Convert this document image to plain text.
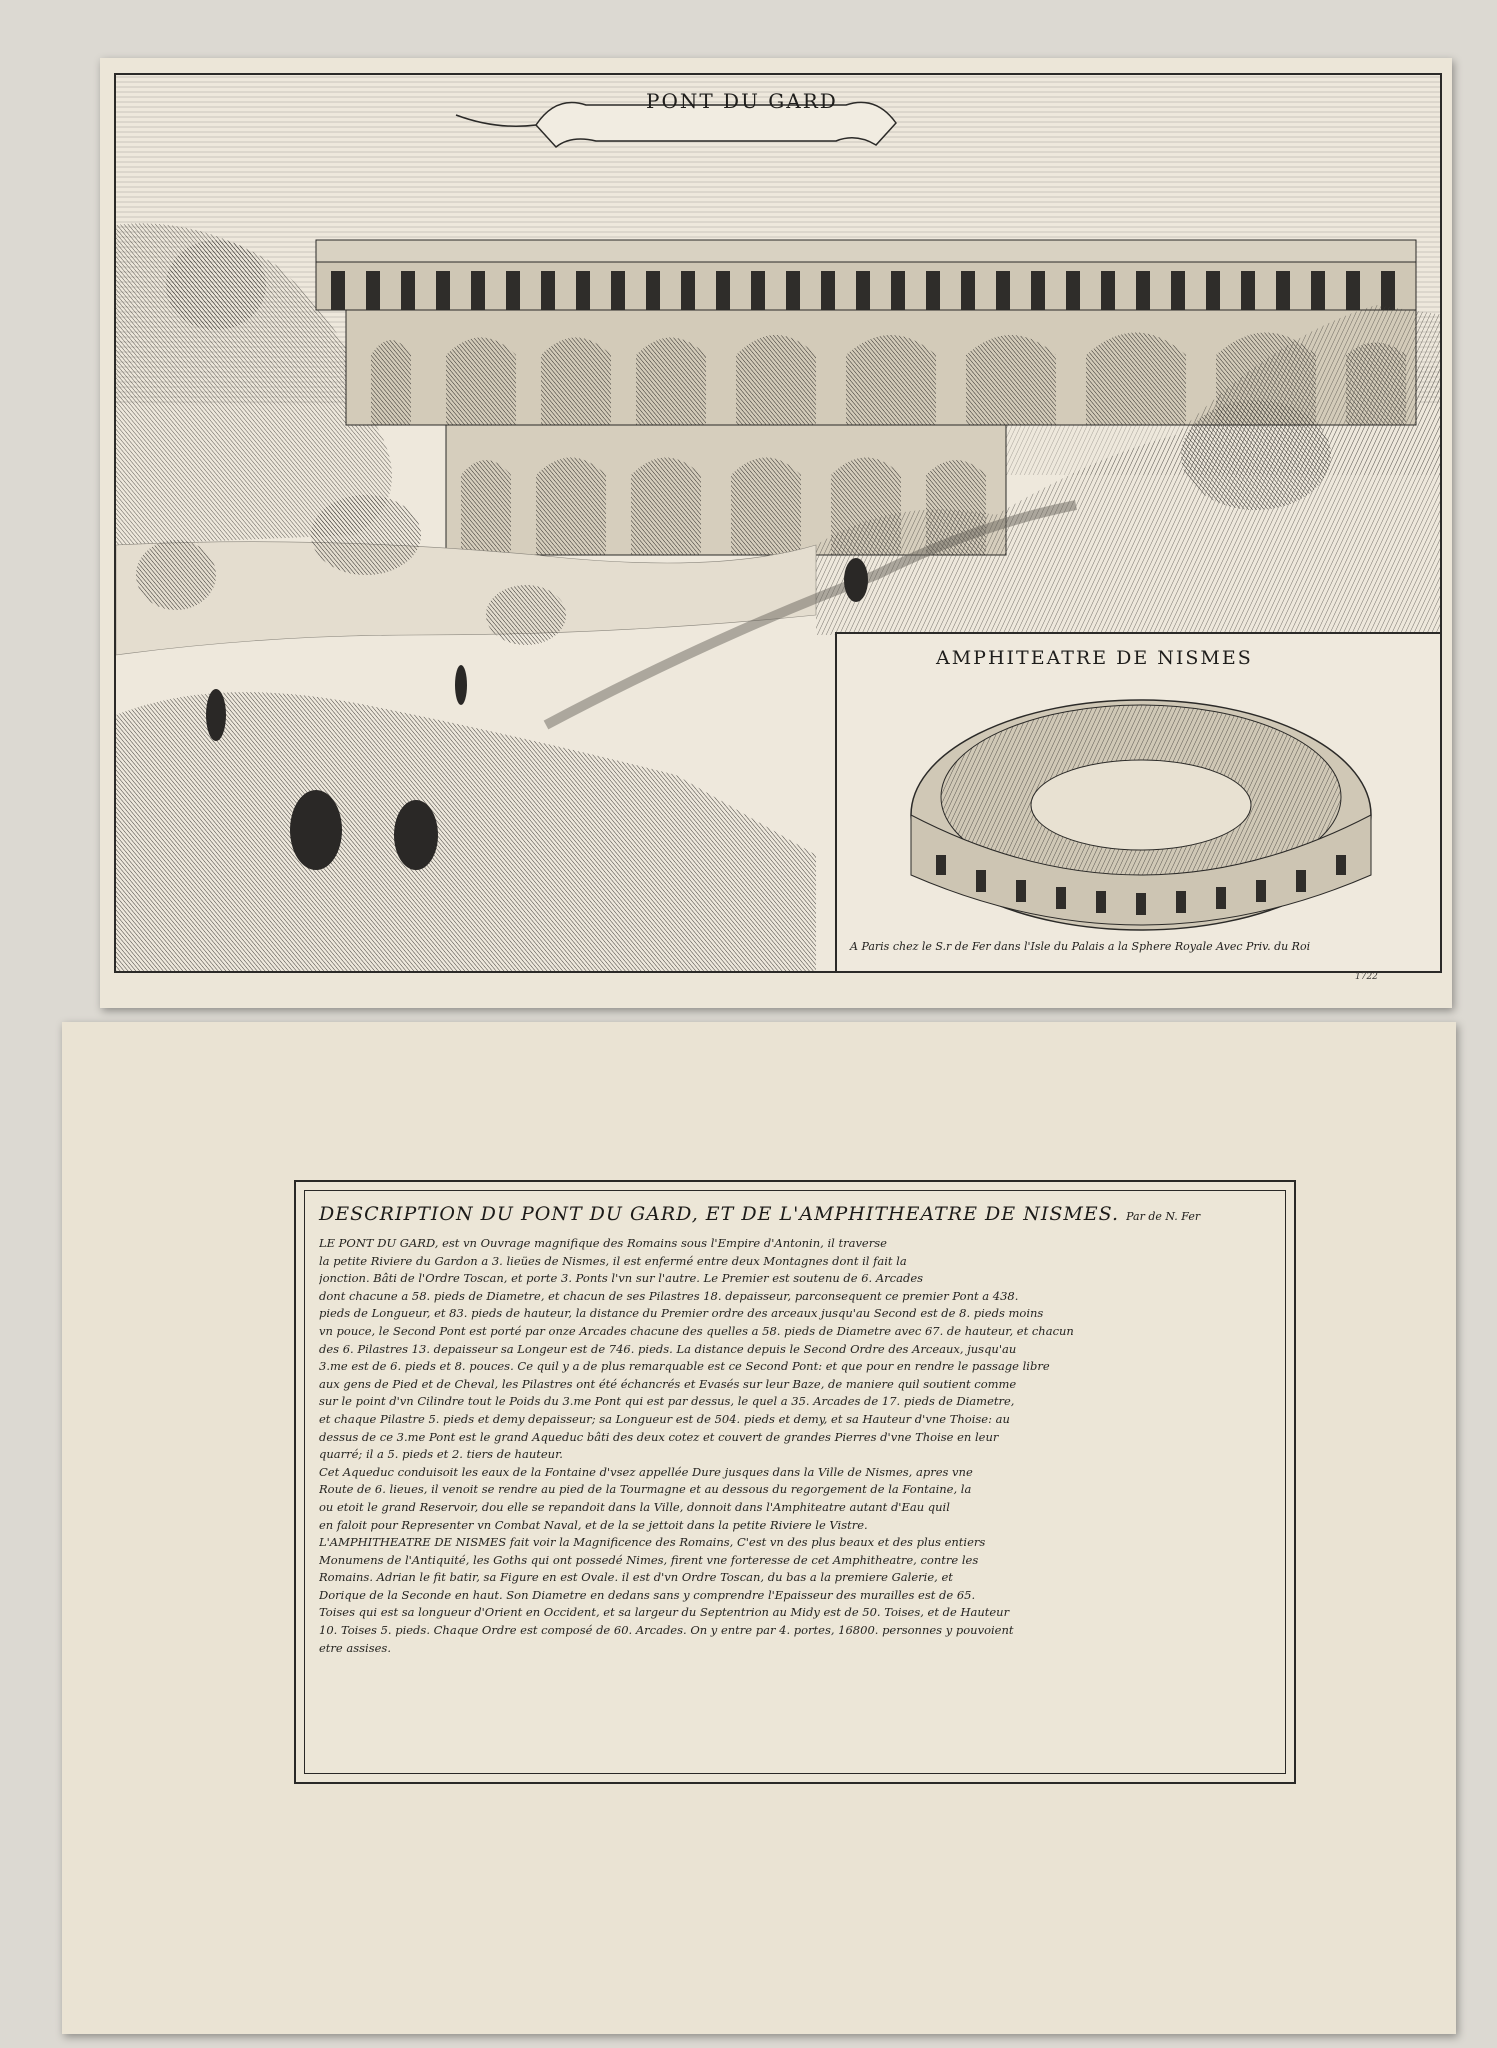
PONT DU GARD
AMPHITEATRE DE NISMES
A Paris chez le S.r de Fer dans l'Isle du Palais a la Sphere Royale Avec Priv. du Roi
1722
DESCRIPTION DU PONT DU GARD, ET DE L'AMPHITHEATRE DE NISMES. Par de N. Fer
LE PONT DU GARD, est vn Ouvrage magnifique des Romains sous l'Empire d'Antonin, il traverse
la petite Riviere du Gardon a 3. lieües de Nismes, il est enfermé entre deux Montagnes dont il fait la
jonction. Bâti de l'Ordre Toscan, et porte 3. Ponts l'vn sur l'autre. Le Premier est soutenu de 6. Arcades
dont chacune a 58. pieds de Diametre, et chacun de ses Pilastres 18. depaisseur, parconsequent ce premier Pont a 438.
pieds de Longueur, et 83. pieds de hauteur, la distance du Premier ordre des arceaux jusqu'au Second est de 8. pieds moins
vn pouce, le Second Pont est porté par onze Arcades chacune des quelles a 58. pieds de Diametre avec 67. de hauteur, et chacun
des 6. Pilastres 13. depaisseur sa Longeur est de 746. pieds. La distance depuis le Second Ordre des Arceaux, jusqu'au
3.me est de 6. pieds et 8. pouces. Ce quil y a de plus remarquable est ce Second Pont: et que pour en rendre le passage libre
aux gens de Pied et de Cheval, les Pilastres ont été échancrés et Evasés sur leur Baze, de maniere quil soutient comme
sur le point d'vn Cilindre tout le Poids du 3.me Pont qui est par dessus, le quel a 35. Arcades de 17. pieds de Diametre,
et chaque Pilastre 5. pieds et demy depaisseur; sa Longueur est de 504. pieds et demy, et sa Hauteur d'vne Thoise: au
dessus de ce 3.me Pont est le grand Aqueduc bâti des deux cotez et couvert de grandes Pierres d'vne Thoise en leur
quarré; il a 5. pieds et 2. tiers de hauteur.
Cet Aqueduc conduisoit les eaux de la Fontaine d'vsez appellée Dure jusques dans la Ville de Nismes, apres vne
Route de 6. lieues, il venoit se rendre au pied de la Tourmagne et au dessous du regorgement de la Fontaine, la
ou etoit le grand Reservoir, dou elle se repandoit dans la Ville, donnoit dans l'Amphiteatre autant d'Eau quil
en faloit pour Representer vn Combat Naval, et de la se jettoit dans la petite Riviere le Vistre.
L'AMPHITHEATRE DE NISMES fait voir la Magnificence des Romains, C'est vn des plus beaux et des plus entiers
Monumens de l'Antiquité, les Goths qui ont possedé Nimes, firent vne forteresse de cet Amphitheatre, contre les
Romains. Adrian le fit batir, sa Figure en est Ovale. il est d'vn Ordre Toscan, du bas a la premiere Galerie, et
Dorique de la Seconde en haut. Son Diametre en dedans sans y comprendre l'Epaisseur des murailles est de 65.
Toises qui est sa longueur d'Orient en Occident, et sa largeur du Septentrion au Midy est de 50. Toises, et de Hauteur
10. Toises 5. pieds. Chaque Ordre est composé de 60. Arcades. On y entre par 4. portes, 16800. personnes y pouvoient
etre assises.
